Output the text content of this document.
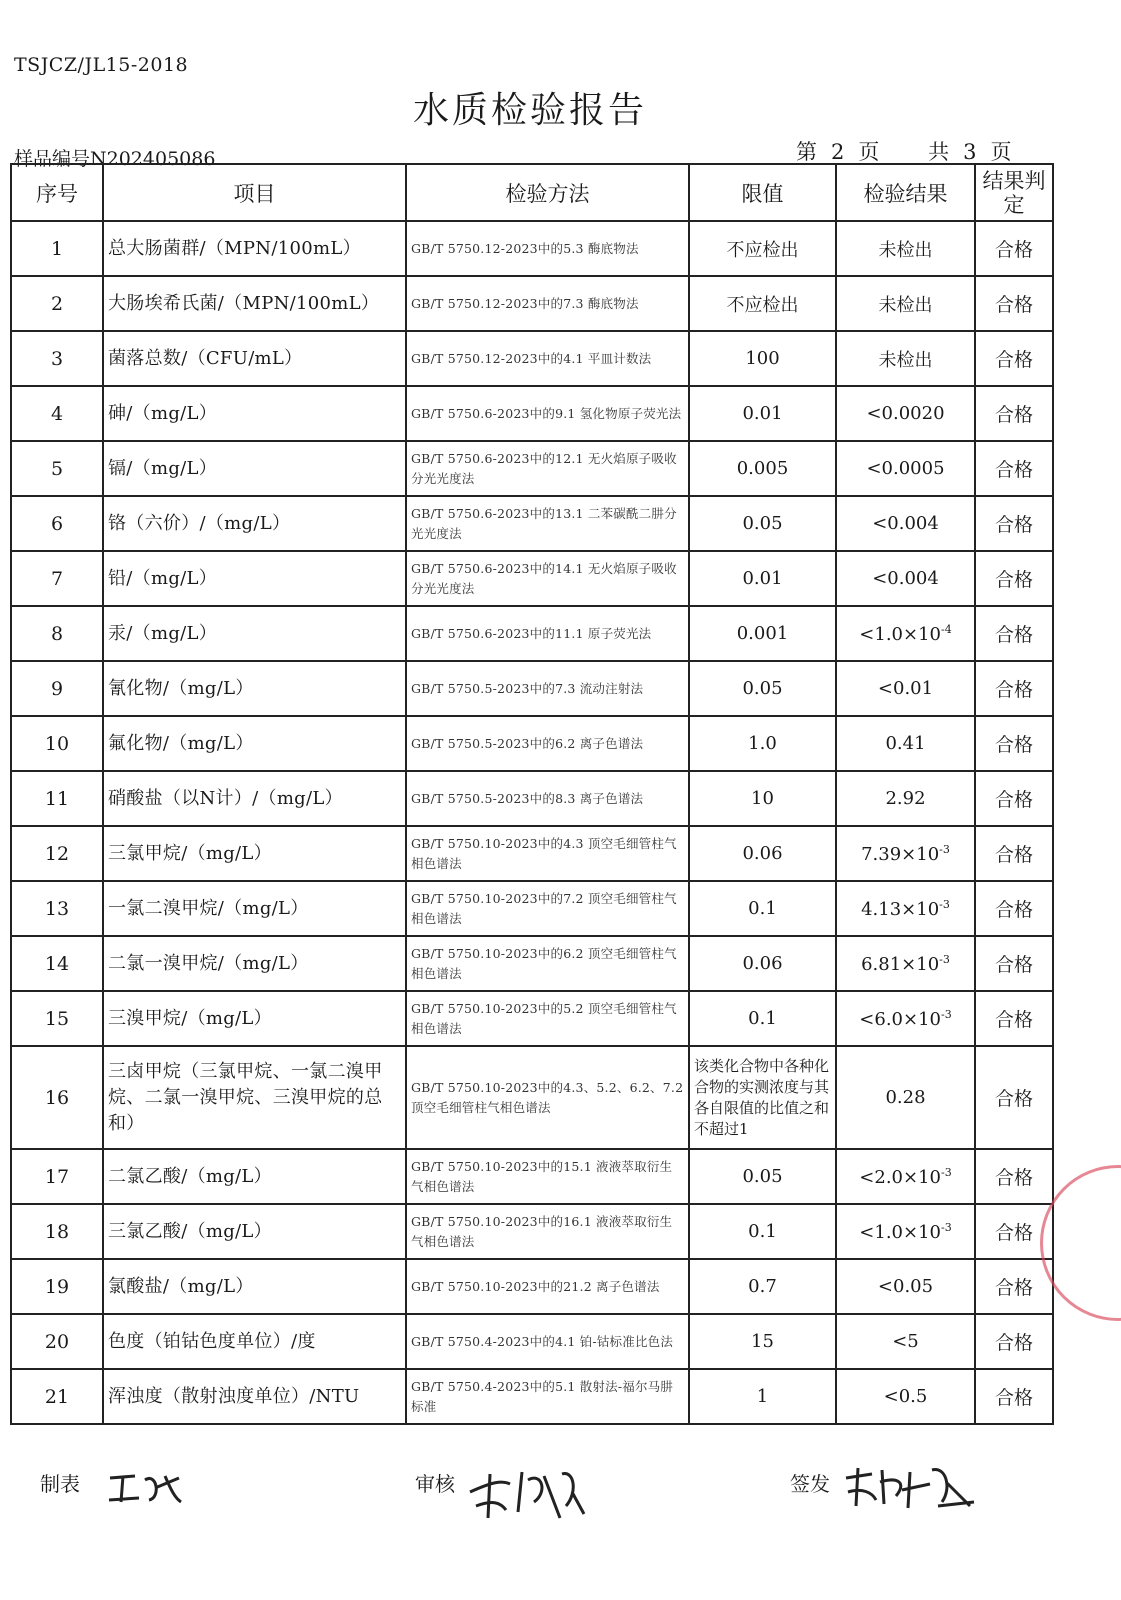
TSJCZ/JL15-2018
水质检验报告
样品编号N202405086	第 2 页 共 3 页
序号	项目	检验方法	限值	检验结果	结果判定
1	总大肠菌群/（MPN/100mL）	GB/T 5750.12-2023中的5.3 酶底物法	不应检出	未检出	合格
2	大肠埃希氏菌/（MPN/100mL）	GB/T 5750.12-2023中的7.3 酶底物法	不应检出	未检出	合格
3	菌落总数/（CFU/mL）	GB/T 5750.12-2023中的4.1 平皿计数法	100	未检出	合格
4	砷/（mg/L）	GB/T 5750.6-2023中的9.1 氢化物原子荧光法	0.01	<0.0020	合格
5	镉/（mg/L）	GB/T 5750.6-2023中的12.1 无火焰原子吸收分光光度法	0.005	<0.0005	合格
6	铬（六价）/（mg/L）	GB/T 5750.6-2023中的13.1 二苯碳酰二肼分光光度法	0.05	<0.004	合格
7	铅/（mg/L）	GB/T 5750.6-2023中的14.1 无火焰原子吸收分光光度法	0.01	<0.004	合格
8	汞/（mg/L）	GB/T 5750.6-2023中的11.1 原子荧光法	0.001	$<1.0\times 10^{-4}$	合格
9	氰化物/（mg/L）	GB/T 5750.5-2023中的7.3 流动注射法	0.05	<0.01	合格
10	氟化物/（mg/L）	GB/T 5750.5-2023中的6.2 离子色谱法	1.0	0.41	合格
11	硝酸盐（以N计）/（mg/L）	GB/T 5750.5-2023中的8.3 离子色谱法	10	2.92	合格
12	三氯甲烷/（mg/L）	GB/T 5750.10-2023中的4.3 顶空毛细管柱气相色谱法	0.06	$7.39\times 10^{-3}$	合格
13	一氯二溴甲烷/（mg/L）	GB/T 5750.10-2023中的7.2 顶空毛细管柱气相色谱法	0.1	$4.13\times 10^{-3}$	合格
14	二氯一溴甲烷/（mg/L）	GB/T 5750.10-2023中的6.2 顶空毛细管柱气相色谱法	0.06	$6.81\times 10^{-3}$	合格
15	三溴甲烷/（mg/L）	GB/T 5750.10-2023中的5.2 顶空毛细管柱气相色谱法	0.1	$<6.0\times 10^{-3}$	合格
16	三卤甲烷（三氯甲烷、一氯二溴甲烷、二氯一溴甲烷、三溴甲烷的总和）	GB/T 5750.10-2023中的4.3、5.2、6.2、7.2 顶空毛细管柱气相色谱法	该类化合物中各种化合物的实测浓度与其各自限值的比值之和不超过1	0.28	合格
17	二氯乙酸/（mg/L）	GB/T 5750.10-2023中的15.1 液液萃取衍生气相色谱法	0.05	$<2.0\times 10^{-3}$	合格
18	三氯乙酸/（mg/L）	GB/T 5750.10-2023中的16.1 液液萃取衍生气相色谱法	0.1	$<1.0\times 10^{-3}$	合格
19	氯酸盐/（mg/L）	GB/T 5750.10-2023中的21.2 离子色谱法	0.7	<0.05	合格
20	色度（铂钴色度单位）/度	GB/T 5750.4-2023中的4.1 铂-钴标准比色法	15	<5	合格
21	浑浊度（散射浊度单位）/NTU	GB/T 5750.4-2023中的5.1 散射法-福尔马肼标准	1	<0.5	合格
制表	审核	签发
